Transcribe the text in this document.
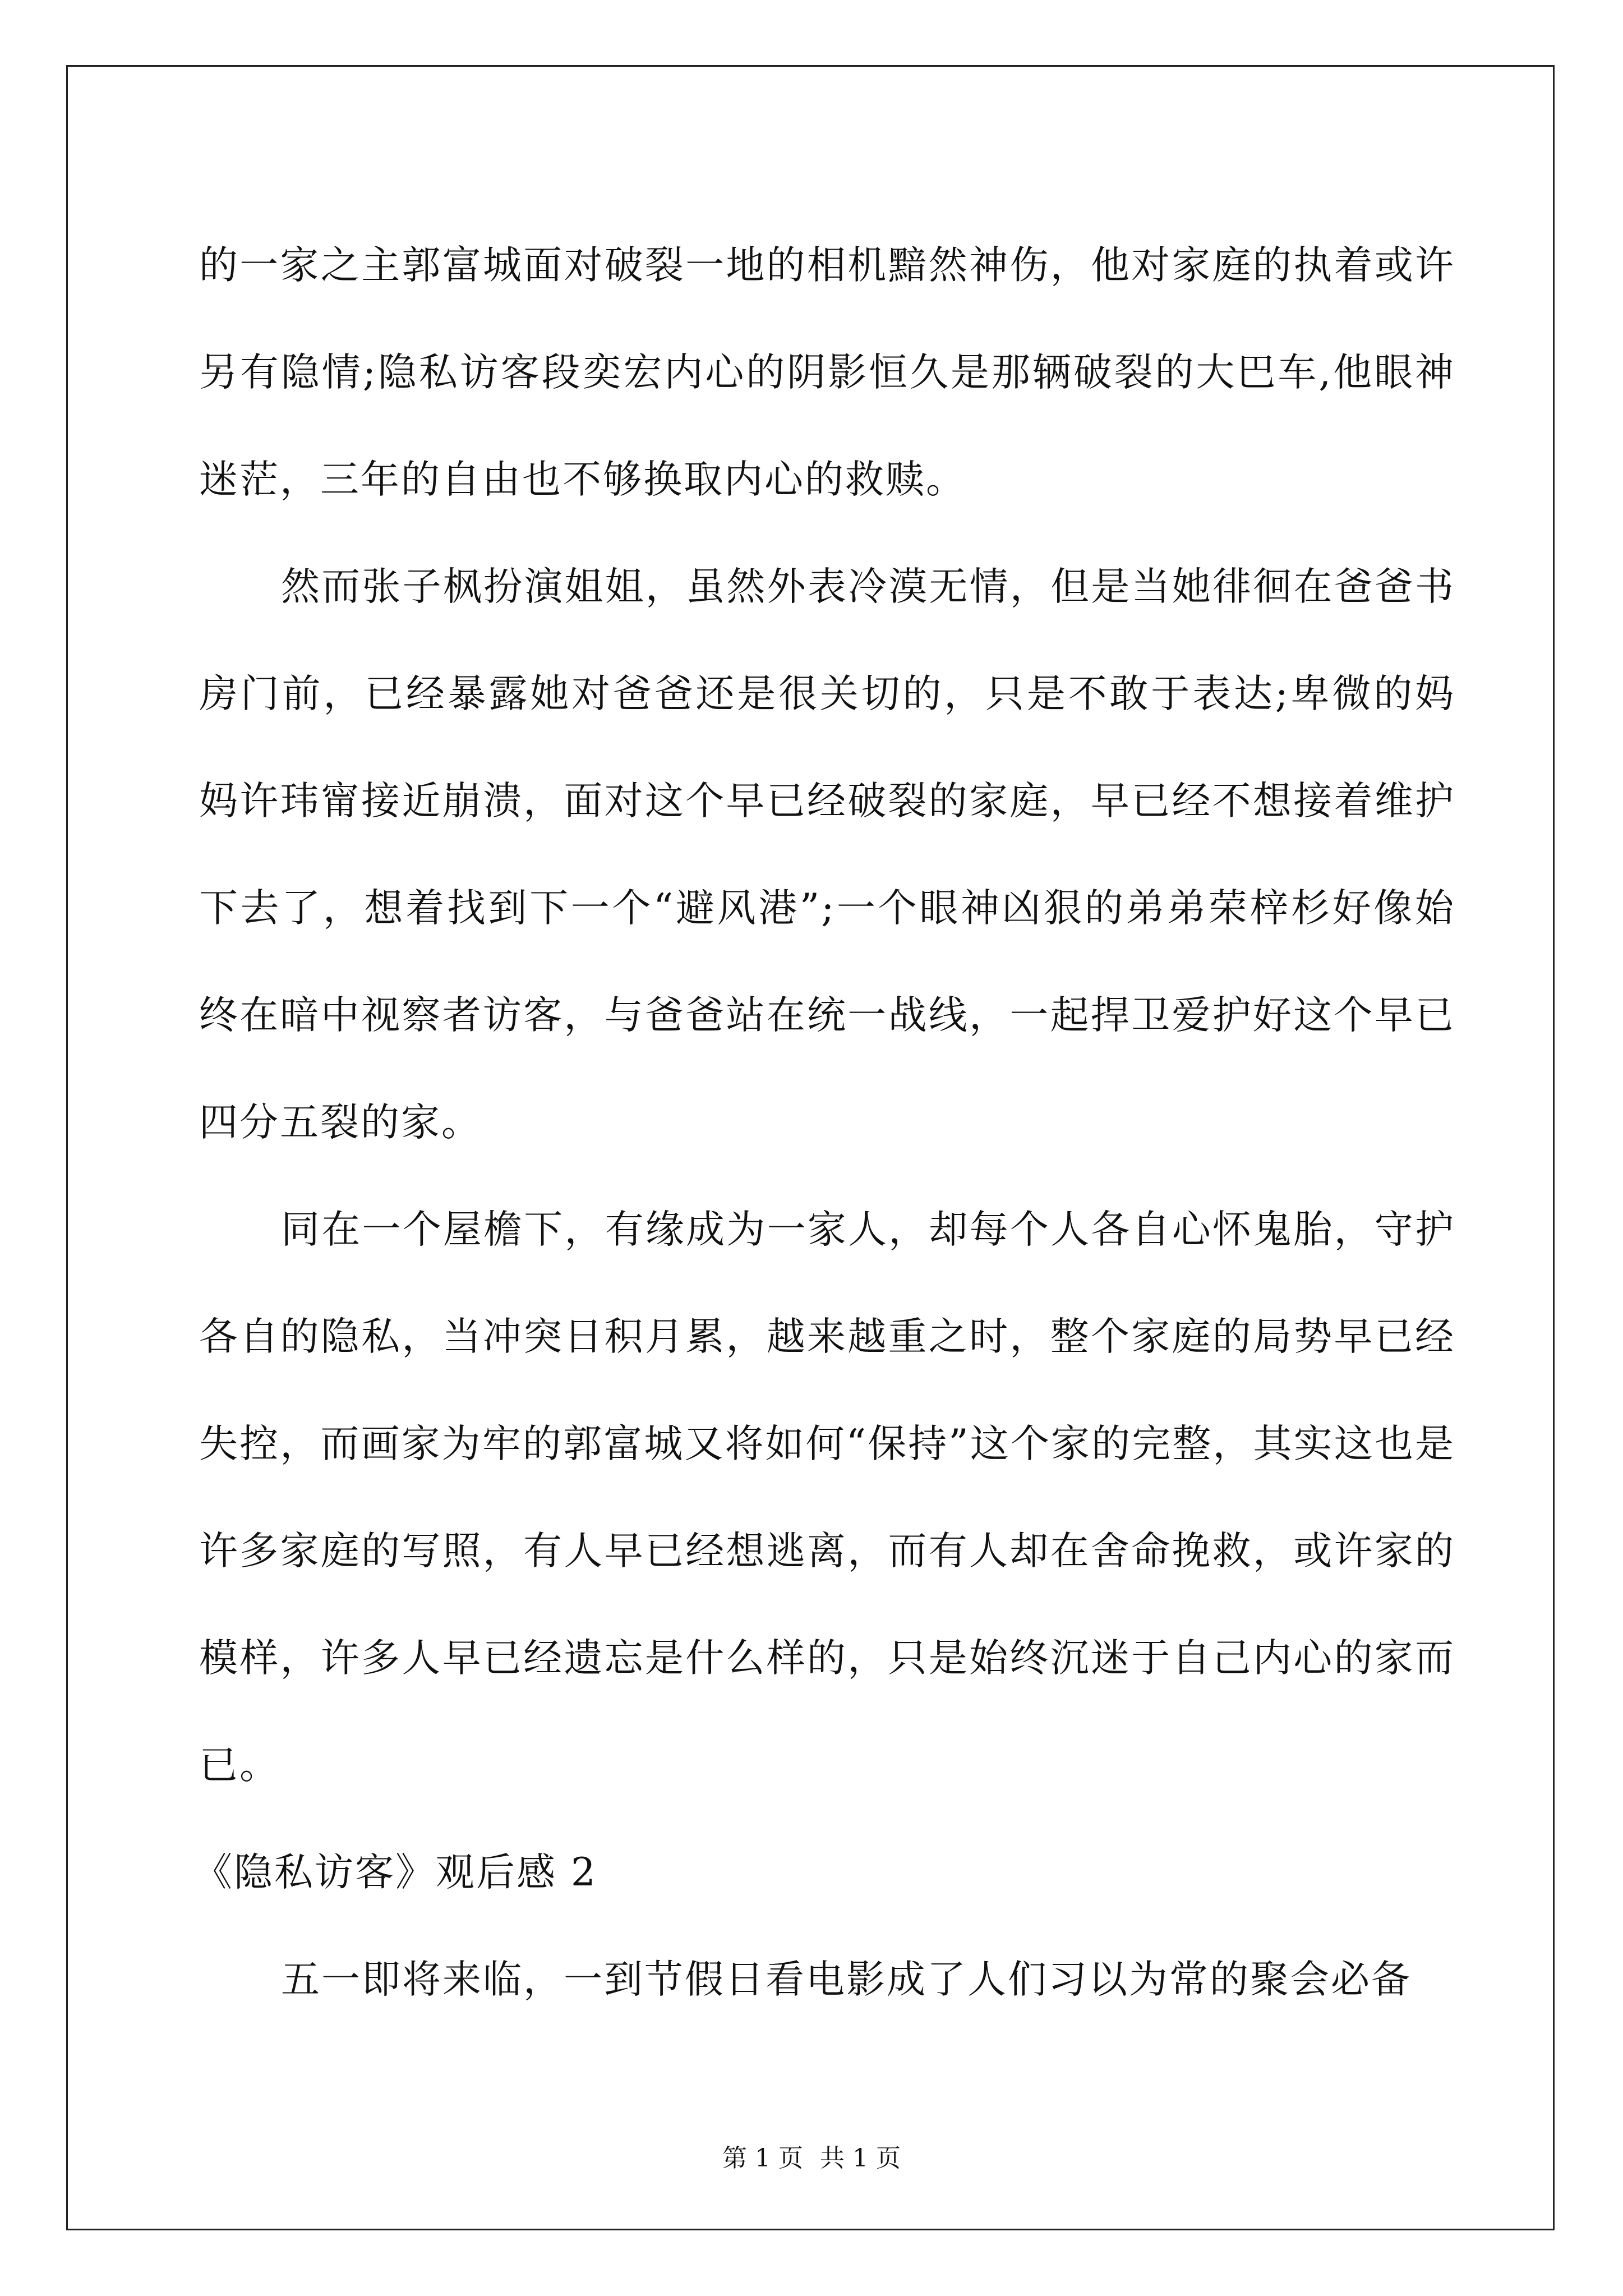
的一家之主郭富城面对破裂一地的相机黯然神伤，他对家庭的执着或许另有隐情;隐私访客段奕宏内心的阴影恒久是那辆破裂的大巴车,他眼神迷茫，三年的自由也不够换取内心的救赎。

然而张子枫扮演姐姐，虽然外表冷漠无情，但是当她徘徊在爸爸书房门前，已经暴露她对爸爸还是很关切的，只是不敢于表达;卑微的妈妈许玮甯接近崩溃，面对这个早已经破裂的家庭，早已经不想接着维护下去了，想着找到下一个“避风港”;一个眼神凶狠的弟弟荣梓杉好像始终在暗中视察者访客，与爸爸站在统一战线，一起捍卫爱护好这个早已四分五裂的家。

同在一个屋檐下，有缘成为一家人，却每个人各自心怀鬼胎，守护各自的隐私，当冲突日积月累，越来越重之时，整个家庭的局势早已经失控，而画家为牢的郭富城又将如何“保持”这个家的完整，其实这也是许多家庭的写照，有人早已经想逃离，而有人却在舍命挽救，或许家的模样，许多人早已经遗忘是什么样的，只是始终沉迷于自己内心的家而已。

《隐私访客》观后感 2

五一即将来临，一到节假日看电影成了人们习以为常的聚会必备

第 1 页 共 1 页
